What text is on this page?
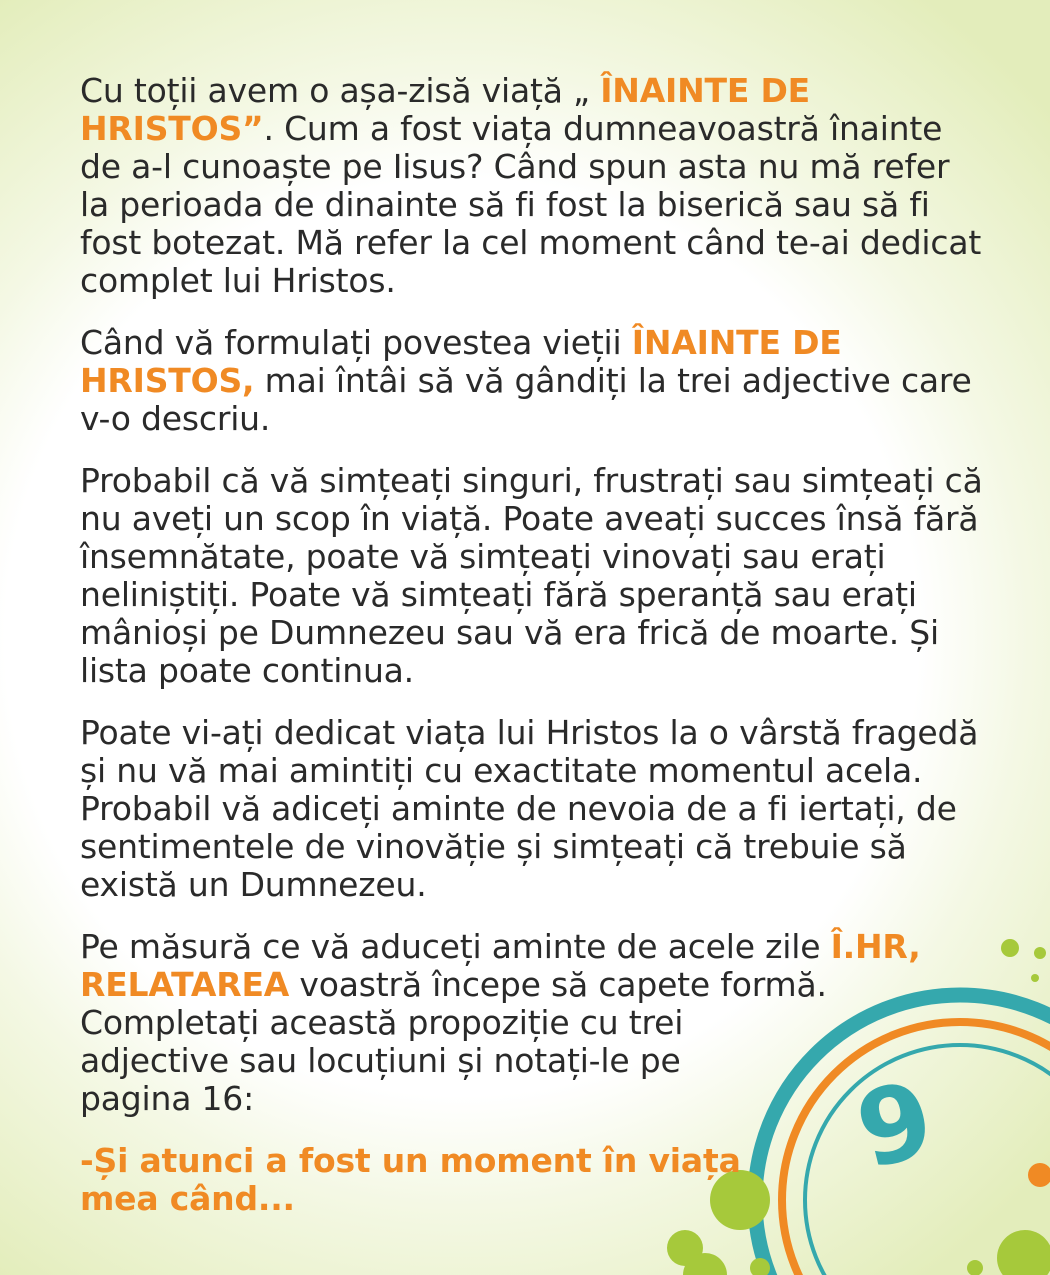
Cu toții avem o așa-zisă viață „ ÎNAINTE DE HRISTOS”. Cum a fost viața dumneavoastră înainte de a-l cunoaște pe Iisus? Când spun asta nu mă refer la perioada de dinainte să fi fost la biserică sau să fi fost botezat. Mă refer la cel moment când te-ai dedicat complet lui Hristos.

Când vă formulați povestea vieții ÎNAINTE DE HRISTOS, mai întâi să vă gândiți la trei adjective care v-o descriu.

Probabil că vă simțeați singuri, frustrați sau simțeați că nu aveți un scop în viață. Poate aveați succes însă fără însemnătate, poate vă simțeați vinovați sau erați neliniștiți. Poate vă simțeați fără speranță sau erați mânioși pe Dumnezeu sau vă era frică de moarte. Și lista poate continua.

Poate vi-ați dedicat viața lui Hristos la o vârstă fragedă și nu vă mai amintiți cu exactitate momentul acela. Probabil vă adiceți aminte de nevoia de a fi iertați, de sentimentele de vinovăție și simțeați că trebuie să există un Dumnezeu.

Pe măsură ce vă aduceți aminte de acele zile Î.HR,
RELATAREA voastră începe să capete formă.
Completați această propoziție cu trei
adjective sau locuțiuni și notați-le pe
pagina 16:

-Și atunci a fost un moment în viața
mea când...
9
